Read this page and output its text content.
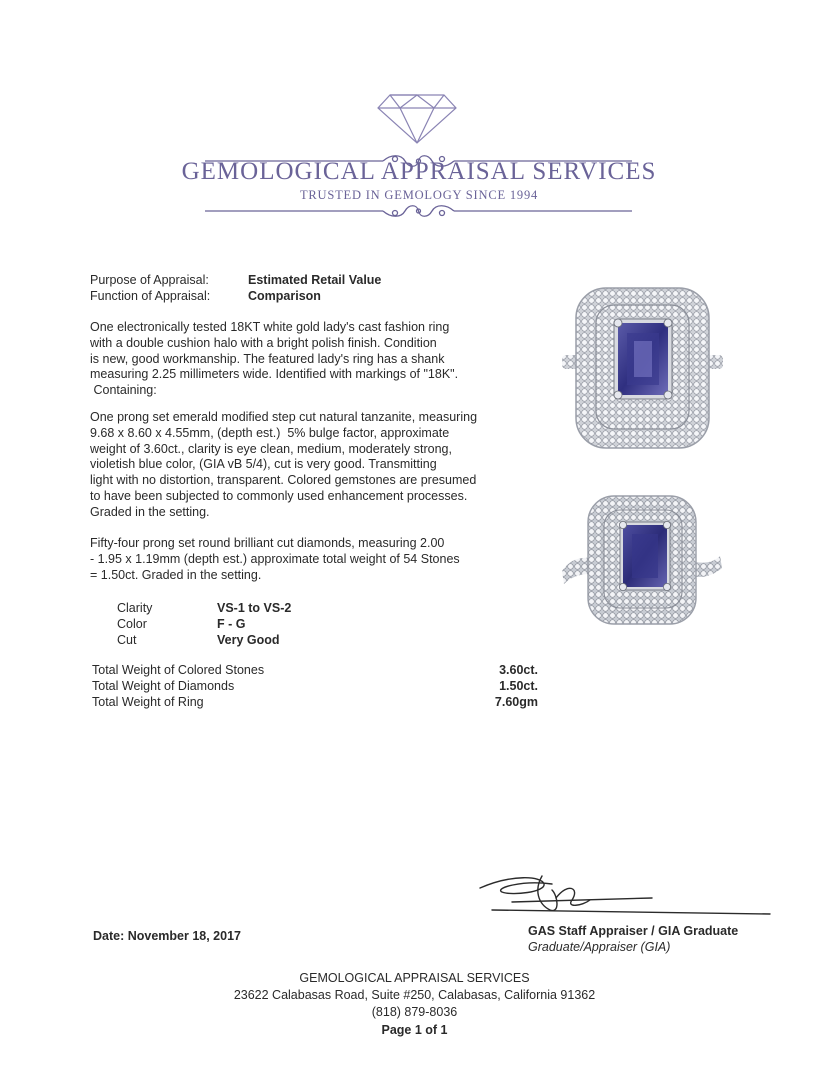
GEMOLOGICAL APPRAISAL SERVICES
TRUSTED IN GEMOLOGY SINCE 1994
Purpose of Appraisal:	Estimated Retail Value
Function of Appraisal:	Comparison
One electronically tested 18KT white gold lady's cast fashion ring
with a double cushion halo with a bright polish finish. Condition
is new, good workmanship. The featured lady's ring has a shank
measuring 2.25 millimeters wide. Identified with markings of "18K".
Containing:
One prong set emerald modified step cut natural tanzanite, measuring
9.68 x 8.60 x 4.55mm, (depth est.)  5% bulge factor, approximate
weight of 3.60ct., clarity is eye clean, medium, moderately strong,
violetish blue color, (GIA vB 5/4), cut is very good. Transmitting
light with no distortion, transparent. Colored gemstones are presumed
to have been subjected to commonly used enhancement processes.
Graded in the setting.
Fifty-four prong set round brilliant cut diamonds, measuring 2.00
- 1.95 x 1.19mm (depth est.) approximate total weight of 54 Stones
= 1.50ct. Graded in the setting.
Clarity	VS-1 to VS-2
Color	F - G
Cut	Very Good
Total Weight of Colored Stones	3.60ct.
Total Weight of Diamonds	1.50ct.
Total Weight of Ring	7.60gm
Date: November 18, 2017	GAS Staff Appraiser / GIA Graduate
Graduate/Appraiser (GIA)
GEMOLOGICAL APPRAISAL SERVICES
23622 Calabasas Road, Suite #250, Calabasas, California 91362
(818) 879-8036
Page 1 of 1
